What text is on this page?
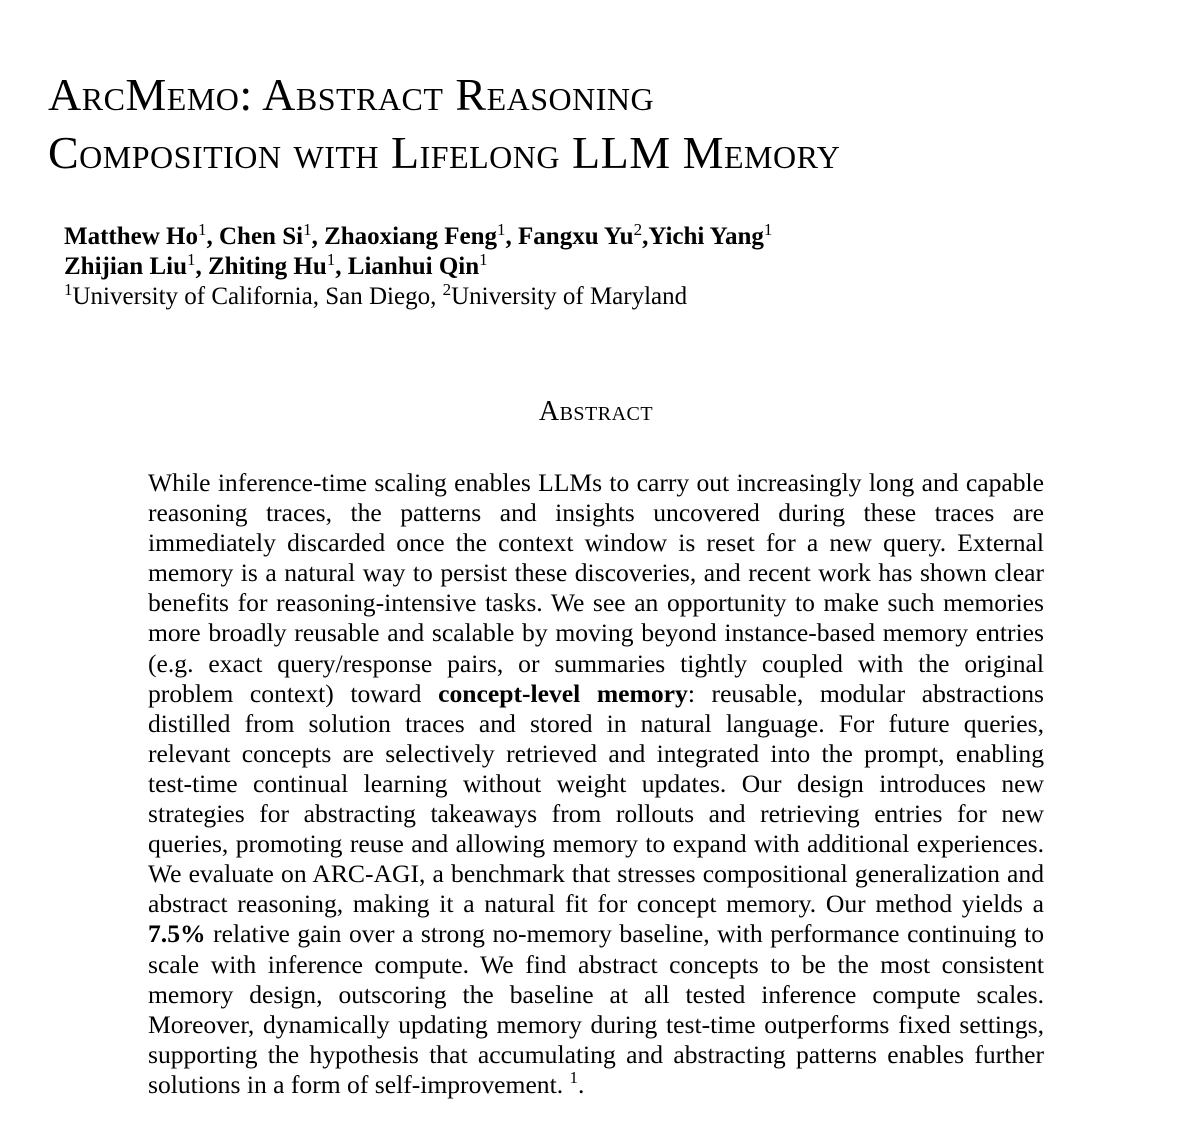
ArcMemo: Abstract Reasoning
Composition with Lifelong LLM Memory
Matthew Ho$^1$, Chen Si$^1$, Zhaoxiang Feng$^1$, Fangxu Yu$^2$,Yichi Yang$^1$
Zhijian Liu$^1$, Zhiting Hu$^1$, Lianhui Qin$^1$
$^1$University of California, San Diego, $^2$University of Maryland
Abstract

While inference-time scaling enables LLMs to carry out increasingly long and capable reasoning traces, the patterns and insights uncovered during these traces are immediately discarded once the context window is reset for a new query. External memory is a natural way to persist these discoveries, and recent work has shown clear benefits for reasoning-intensive tasks. We see an opportunity to make such memories more broadly reusable and scalable by moving beyond instance-based memory entries (e.g. exact query/response pairs, or summaries tightly coupled with the original problem context) toward concept-level memory: reusable, modular abstractions distilled from solution traces and stored in natural language. For future queries, relevant concepts are selectively retrieved and integrated into the prompt, enabling test-time continual learning without weight updates. Our design introduces new strategies for abstracting takeaways from rollouts and retrieving entries for new queries, promoting reuse and allowing memory to expand with additional experiences. We evaluate on ARC-AGI, a benchmark that stresses compositional generalization and abstract reasoning, making it a natural fit for concept memory. Our method yields a 7.5% relative gain over a strong no-memory baseline, with performance continuing to scale with inference compute. We find abstract concepts to be the most consistent memory design, outscoring the baseline at all tested inference compute scales. Moreover, dynamically updating memory during test-time outperforms fixed settings, supporting the hypothesis that accumulating and abstracting patterns enables further solutions in a form of self-improvement. $^1$.
